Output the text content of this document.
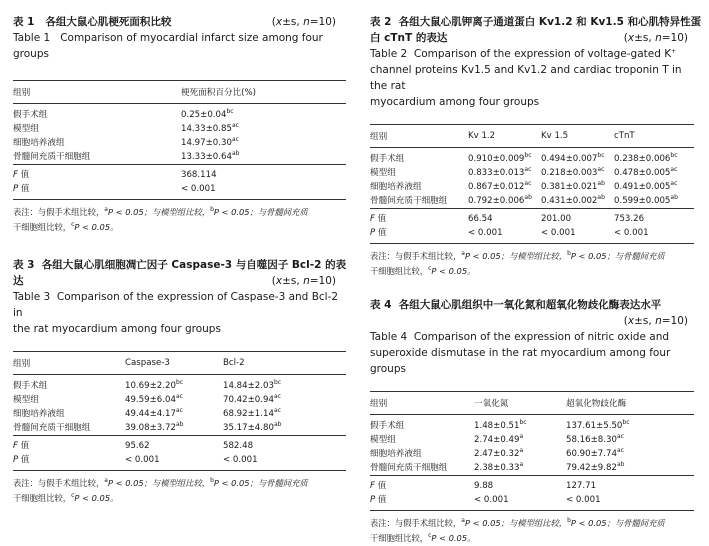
表 1 各组大鼠心肌梗死面积比较	(x±s, n=10)
Table 1 Comparison of myocardial infarct size among four groups
组别	梗死面积百分比(%)

假手术组	0.25±0.04$^{bc}$
模型组	14.33±0.85$^{ac}$
细胞培养液组	14.97±0.30$^{ac}$
骨髓间充质干细胞组	13.33±0.64$^{ab}$
F 值	368.114
P 值	< 0.001
表注：与假手术组比较，$^a$P < 0.05；与模型组比较，$^b$P < 0.05；与骨髓间充质
干细胞组比较，$^c$P < 0.05。
表 3 各组大鼠心肌细胞凋亡因子 Caspase-3 与自噬因子 Bcl-2 的表
达	(x±s, n=10)
Table 3 Comparison of the expression of Caspase-3 and Bcl-2 in
the rat myocardium among four groups
组别	Caspase-3	Bcl-2

假手术组	10.69±2.20$^{bc}$	14.84±2.03$^{bc}$
模型组	49.59±6.04$^{ac}$	70.42±0.94$^{ac}$
细胞培养液组	49.44±4.17$^{ac}$	68.92±1.14$^{ac}$
骨髓间充质干细胞组	39.08±3.72$^{ab}$	35.17±4.80$^{ab}$
F 值	95.62	582.48
P 值	< 0.001	< 0.001
表注：与假手术组比较，$^a$P < 0.05；与模型组比较，$^b$P < 0.05；与骨髓间充质
干细胞组比较，$^c$P < 0.05。
表 2 各组大鼠心肌钾离子通道蛋白 Kv1.2 和 Kv1.5 和心肌特异性蛋
白 cTnT 的表达	(x±s, n=10)
Table 2 Comparison of the expression of voltage-gated K+
channel proteins Kv1.5 and Kv1.2 and cardiac troponin T in the rat
myocardium among four groups
组别	Kv 1.2	Kv 1.5	cTnT

假手术组	0.910±0.009$^{bc}$	0.494±0.007$^{bc}$	0.238±0.006$^{bc}$
模型组	0.833±0.013$^{ac}$	0.218±0.003$^{ac}$	0.478±0.005$^{ac}$
细胞培养液组	0.867±0.012$^{ac}$	0.381±0.021$^{ab}$	0.491±0.005$^{ac}$
骨髓间充质干细胞组	0.792±0.006$^{ab}$	0.431±0.002$^{ab}$	0.599±0.005$^{ab}$
F 值	66.54	201.00	753.26
P 值	< 0.001	< 0.001	< 0.001
表注：与假手术组比较，$^a$P < 0.05；与模型组比较，$^b$P < 0.05；与骨髓间充质
干细胞组比较，$^c$P < 0.05。
表 4 各组大鼠心肌组织中一氧化氮和超氧化物歧化酶表达水平
(x±s, n=10)
Table 4 Comparison of the expression of nitric oxide and
superoxide dismutase in the rat myocardium among four groups
组别	一氧化氮	超氧化物歧化酶

假手术组	1.48±0.51$^{bc}$	137.61±5.50$^{bc}$
模型组	2.74±0.49$^a$	58.16±8.30$^{ac}$
细胞培养液组	2.47±0.32$^a$	60.90±7.74$^{ac}$
骨髓间充质干细胞组	2.38±0.33$^a$	79.42±9.82$^{ab}$
F 值	9.88	127.71
P 值	< 0.001	< 0.001
表注：与假手术组比较，$^a$P < 0.05；与模型组比较，$^b$P < 0.05；与骨髓间充质
干细胞组比较，$^c$P < 0.05。
